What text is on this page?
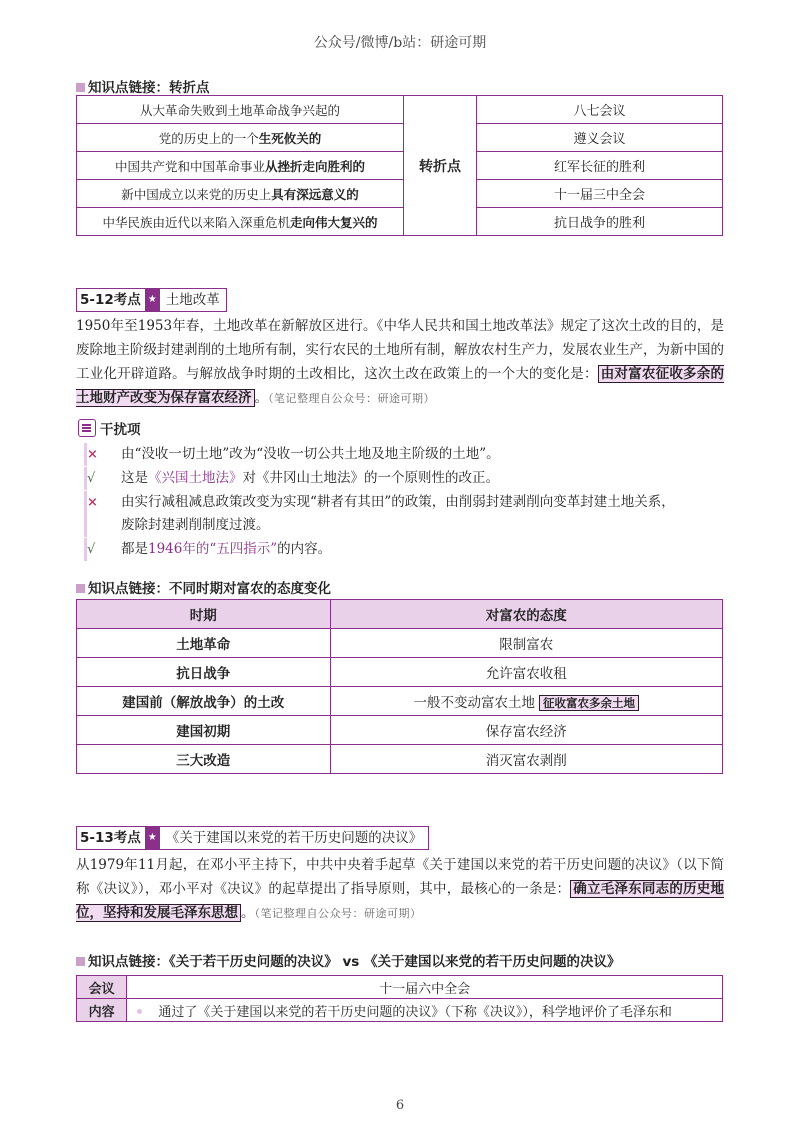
公众号/微博/b站：研途可期
知识点链接：转折点
从大革命失败到土地革命战争兴起的	转折点	八七会议
党的历史上的一个生死攸关的		遵义会议
中国共产党和中国革命事业从挫折走向胜利的		红军长征的胜利
新中国成立以来党的历史上具有深远意义的		十一届三中全会
中华民族由近代以来陷入深重危机走向伟大复兴的		抗日战争的胜利
5-12考点 ★ 土地改革
1950年至1953年春，土地改革在新解放区进行。《中华人民共和国土地改革法》规定了这次土改的目的，是废除地主阶级封建剥削的土地所有制，实行农民的土地所有制，解放农村生产力，发展农业生产，为新中国的工业化开辟道路。与解放战争时期的土改相比，这次土改在政策上的一个大的变化是： 由对富农征收多余的土地财产改变为保存富农经济 。（笔记整理自公众号：研途可期）
干扰项
×	由“没收一切土地”改为“没收一切公共土地及地主阶级的土地”。
√	这是《兴国土地法》对《井冈山土地法》的一个原则性的改正。
×	由实行减租减息政策改变为实现“耕者有其田”的政策，由削弱封建剥削向变革封建土地关系，
废除封建剥削制度过渡。
√	都是1946年的“五四指示”的内容。
知识点链接：不同时期对富农的态度变化
时期	对富农的态度
土地革命	限制富农
抗日战争	允许富农收租
建国前（解放战争）的土改	一般不变动富农土地 征收富农多余土地
建国初期	保存富农经济
三大改造	消灭富农剥削
5-13考点 ★ 《关于建国以来党的若干历史问题的决议》
从1979年11月起，在邓小平主持下，中共中央着手起草《关于建国以来党的若干历史问题的决议》（以下简称《决议》），邓小平对《决议》的起草提出了指导原则，其中，最核心的一条是： 确立毛泽东同志的历史地位，坚持和发展毛泽东思想 。（笔记整理自公众号：研途可期）
知识点链接：《关于若干历史问题的决议》 vs 《关于建国以来党的若干历史问题的决议》
会议	十一届六中全会
内容	通过了《关于建国以来党的若干历史问题的决议》（下称《决议》），科学地评价了毛泽东和
6
